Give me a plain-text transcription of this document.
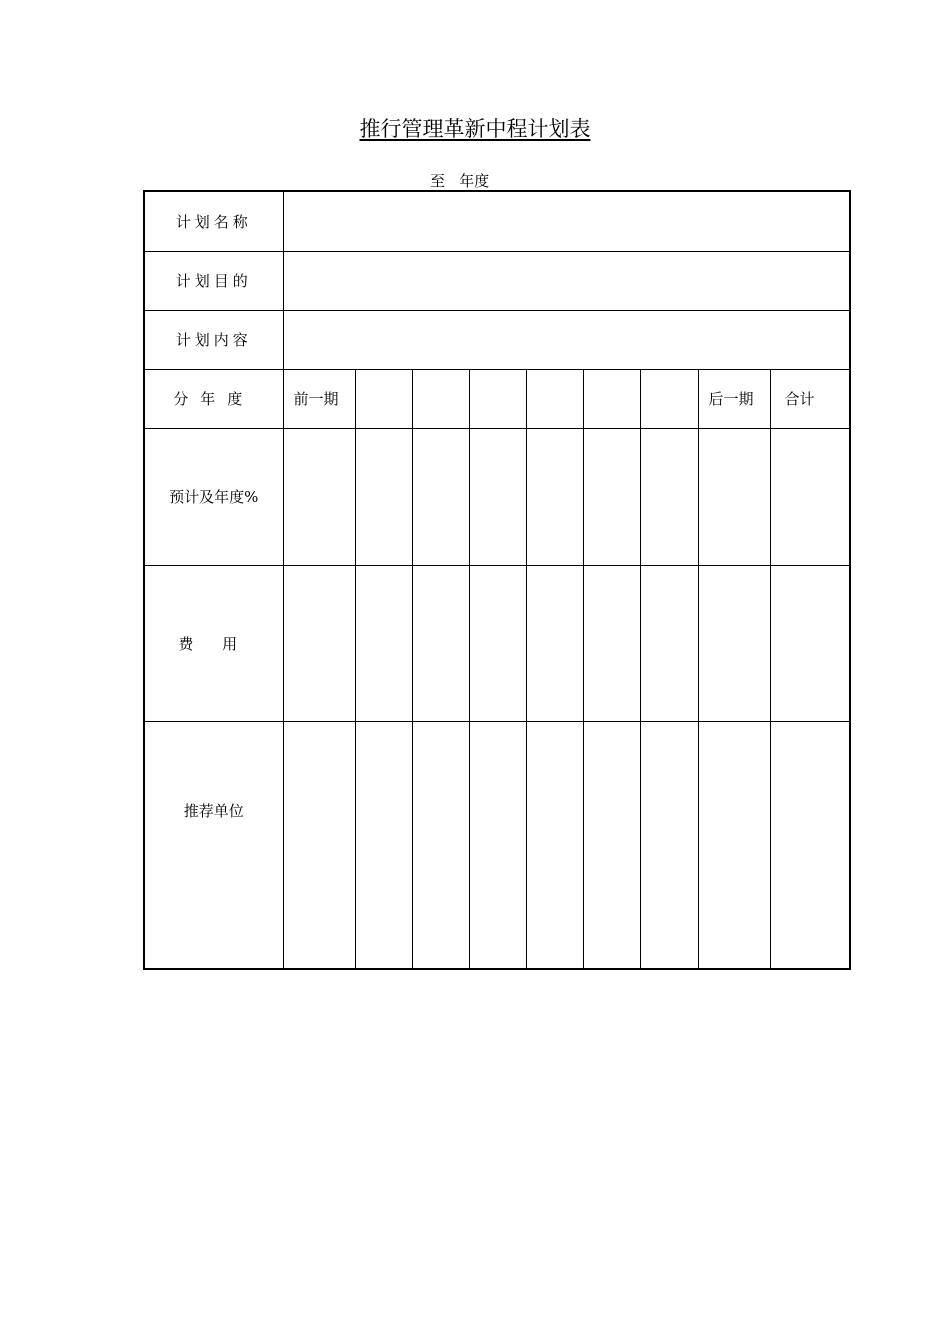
推行管理革新中程计划表
至   年度
计划名称									
计划目的									
计划内容									
分年度	前一期							后一期	合计
预计及年度%									
费 用									
推荐单位									
